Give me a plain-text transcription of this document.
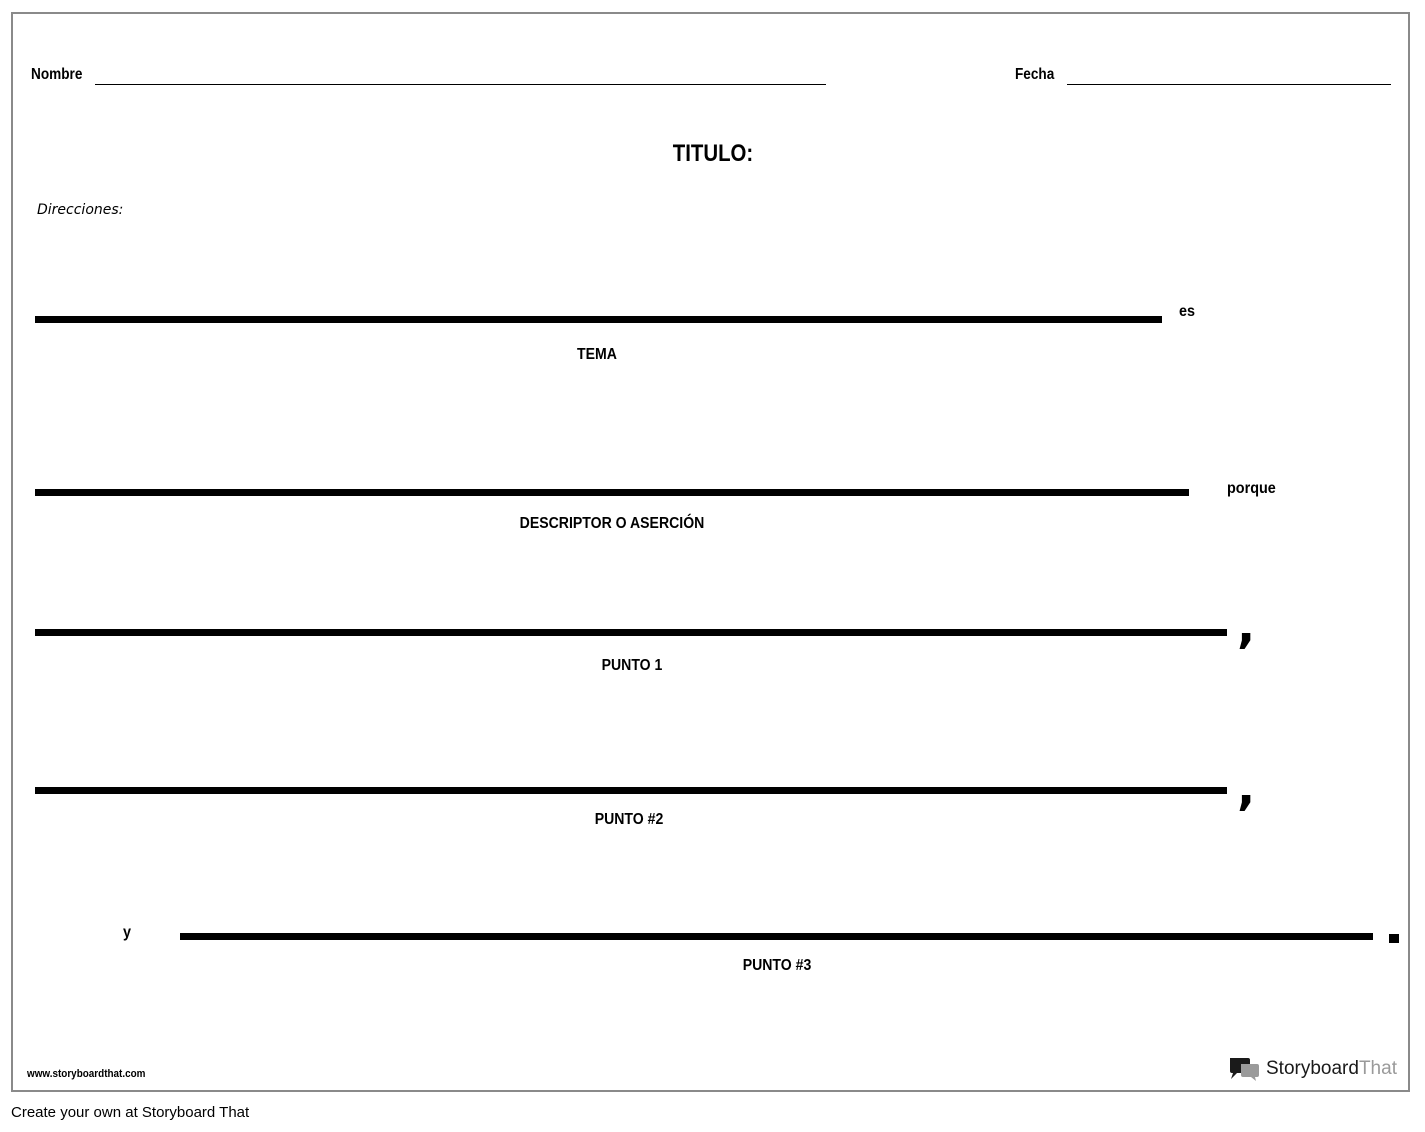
Nombre	Fecha
TITULO:
Direcciones:
es
TEMA
porque
DESCRIPTOR O ASERCIÓN
,
PUNTO 1
,
PUNTO #2
y
PUNTO #3
www.storyboardthat.com	StoryboardThat
Create your own at Storyboard That
